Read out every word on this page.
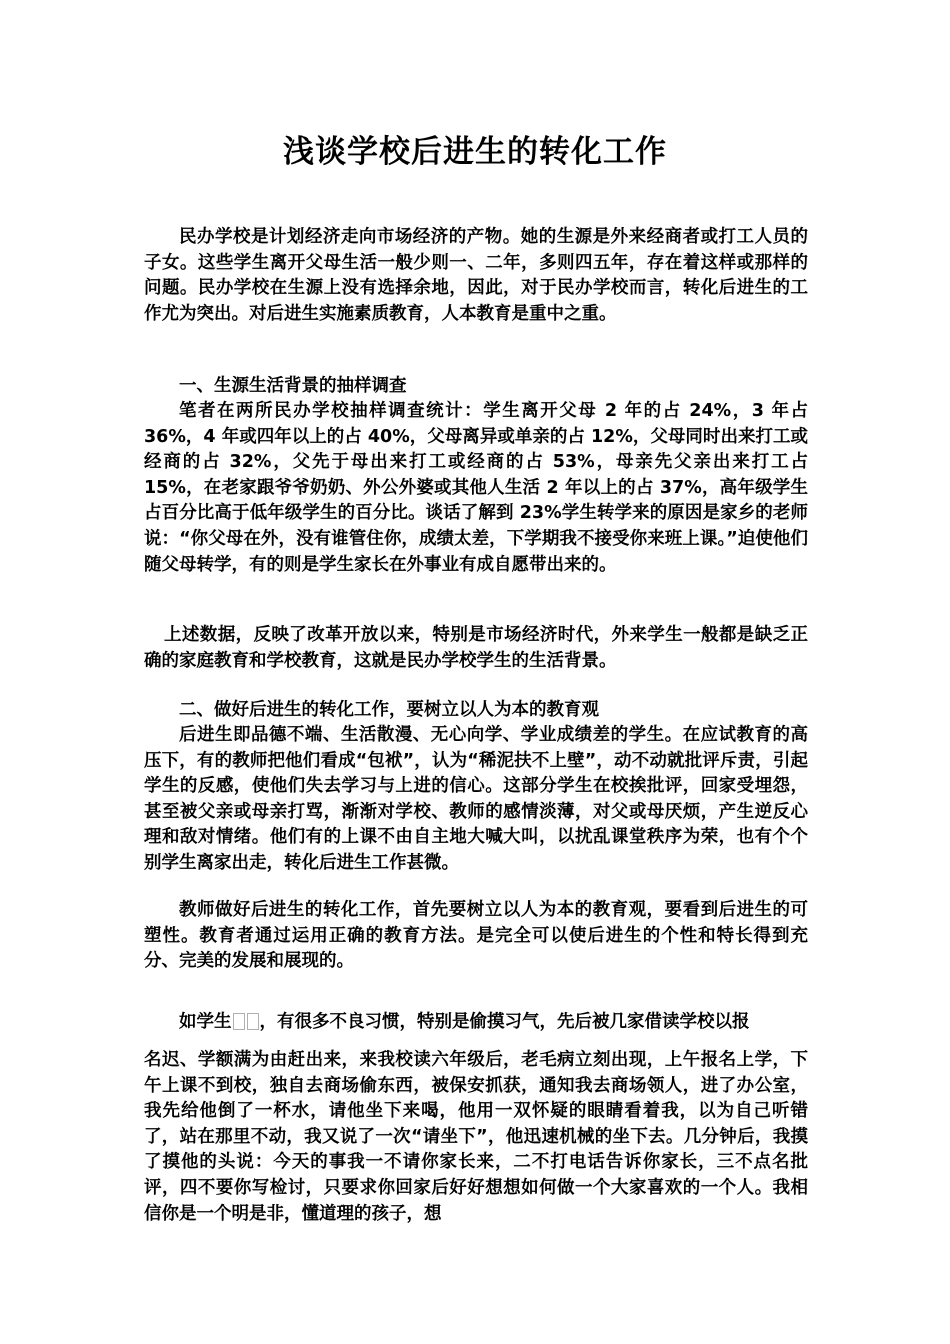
浅谈学校后进生的转化工作

民办学校是计划经济走向市场经济的产物。她的生源是外来经商者或打工人员的子女。这些学生离开父母生活一般少则一、二年，多则四五年，存在着这样或那样的问题。民办学校在生源上没有选择余地，因此，对于民办学校而言，转化后进生的工作尤为突出。对后进生实施素质教育，人本教育是重中之重。

一、生源生活背景的抽样调查

笔者在两所民办学校抽样调查统计：学生离开父母 2 年的占 24%，3 年占 36%，4 年或四年以上的占 40%，父母离异或单亲的占 12%，父母同时出来打工或经商的占 32%，父先于母出来打工或经商的占 53%，母亲先父亲出来打工占 15%，在老家跟爷爷奶奶、外公外婆或其他人生活 2 年以上的占 37%，高年级学生占百分比高于低年级学生的百分比。谈话了解到 23%学生转学来的原因是家乡的老师说：“你父母在外，没有谁管住你，成绩太差，下学期我不接受你来班上课。”迫使他们随父母转学，有的则是学生家长在外事业有成自愿带出来的。

上述数据，反映了改革开放以来，特别是市场经济时代，外来学生一般都是缺乏正确的家庭教育和学校教育，这就是民办学校学生的生活背景。

二、做好后进生的转化工作，要树立以人为本的教育观

后进生即品德不端、生活散漫、无心向学、学业成绩差的学生。在应试教育的高压下，有的教师把他们看成“包袱”，认为“稀泥扶不上壁”，动不动就批评斥责，引起学生的反感，使他们失去学习与上进的信心。这部分学生在校挨批评，回家受埋怨，甚至被父亲或母亲打骂，渐渐对学校、教师的感情淡薄，对父或母厌烦，产生逆反心理和敌对情绪。他们有的上课不由自主地大喊大叫，以扰乱课堂秩序为荣，也有个个别学生离家出走，转化后进生工作甚微。

教师做好后进生的转化工作，首先要树立以人为本的教育观，要看到后进生的可塑性。教育者通过运用正确的教育方法。是完全可以使后进生的个性和特长得到充分、完美的发展和展现的。

如学生 ，有很多不良习惯，特别是偷摸习气，先后被几家借读学校以报

名迟、学额满为由赶出来，来我校读六年级后，老毛病立刻出现，上午报名上学，下午上课不到校，独自去商场偷东西，被保安抓获，通知我去商场领人，进了办公室，我先给他倒了一杯水，请他坐下来喝，他用一双怀疑的眼睛看着我，以为自己听错了，站在那里不动，我又说了一次“请坐下”，他迅速机械的坐下去。几分钟后，我摸了摸他的头说：今天的事我一不请你家长来，二不打电话告诉你家长，三不点名批评，四不要你写检讨，只要求你回家后好好想想如何做一个大家喜欢的一个人。我相信你是一个明是非，懂道理的孩子，想
